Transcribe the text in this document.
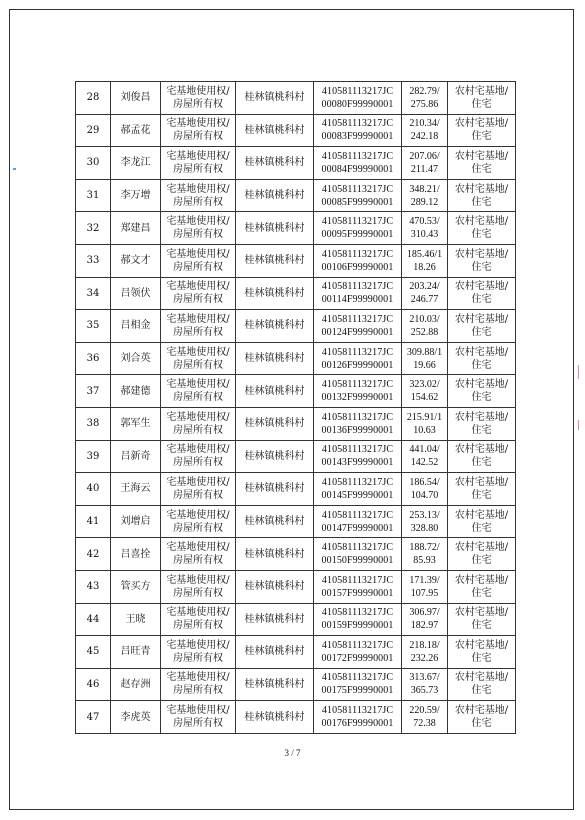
28	刘俊昌	宅基地使用权/
房屋所有权	桂林镇桃科村	410581113217JC
00080F99990001	282.79/
275.86	农村宅基地/
住宅

29	郝孟花	宅基地使用权/
房屋所有权	桂林镇桃科村	410581113217JC
00083F99990001	210.34/
242.18	农村宅基地/
住宅

30	李龙江	宅基地使用权/
房屋所有权	桂林镇桃科村	410581113217JC
00084F99990001	207.06/
211.47	农村宅基地/
住宅

31	李万增	宅基地使用权/
房屋所有权	桂林镇桃科村	410581113217JC
00085F99990001	348.21/
289.12	农村宅基地/
住宅

32	郑建昌	宅基地使用权/
房屋所有权	桂林镇桃科村	410581113217JC
00095F99990001	470.53/
310.43	农村宅基地/
住宅

33	郝文才	宅基地使用权/
房屋所有权	桂林镇桃科村	410581113217JC
00106F99990001	185.46/1
18.26	农村宅基地/
住宅

34	吕领伏	宅基地使用权/
房屋所有权	桂林镇桃科村	410581113217JC
00114F99990001	203.24/
246.77	农村宅基地/
住宅

35	吕相金	宅基地使用权/
房屋所有权	桂林镇桃科村	410581113217JC
00124F99990001	210.03/
252.88	农村宅基地/
住宅

36	刘合英	宅基地使用权/
房屋所有权	桂林镇桃科村	410581113217JC
00126F99990001	309.88/1
19.66	农村宅基地/
住宅

37	郝建德	宅基地使用权/
房屋所有权	桂林镇桃科村	410581113217JC
00132F99990001	323.02/
154.62	农村宅基地/
住宅

38	郭军生	宅基地使用权/
房屋所有权	桂林镇桃科村	410581113217JC
00136F99990001	215.91/1
10.63	农村宅基地/
住宅

39	吕新奇	宅基地使用权/
房屋所有权	桂林镇桃科村	410581113217JC
00143F99990001	441.04/
142.52	农村宅基地/
住宅

40	王海云	宅基地使用权/
房屋所有权	桂林镇桃科村	410581113217JC
00145F99990001	186.54/
104.70	农村宅基地/
住宅

41	刘增启	宅基地使用权/
房屋所有权	桂林镇桃科村	410581113217JC
00147F99990001	253.13/
328.80	农村宅基地/
住宅

42	吕喜拴	宅基地使用权/
房屋所有权	桂林镇桃科村	410581113217JC
00150F99990001	188.72/
85.93	农村宅基地/
住宅

43	管买方	宅基地使用权/
房屋所有权	桂林镇桃科村	410581113217JC
00157F99990001	171.39/
107.95	农村宅基地/
住宅

44	王晓	宅基地使用权/
房屋所有权	桂林镇桃科村	410581113217JC
00159F99990001	306.97/
182.97	农村宅基地/
住宅

45	吕旺青	宅基地使用权/
房屋所有权	桂林镇桃科村	410581113217JC
00172F99990001	218.18/
232.26	农村宅基地/
住宅

46	赵存洲	宅基地使用权/
房屋所有权	桂林镇桃科村	410581113217JC
00175F99990001	313.67/
365.73	农村宅基地/
住宅

47	李虎英	宅基地使用权/
房屋所有权	桂林镇桃科村	410581113217JC
00176F99990001	220.59/
72.38	农村宅基地/
住宅
3 / 7
